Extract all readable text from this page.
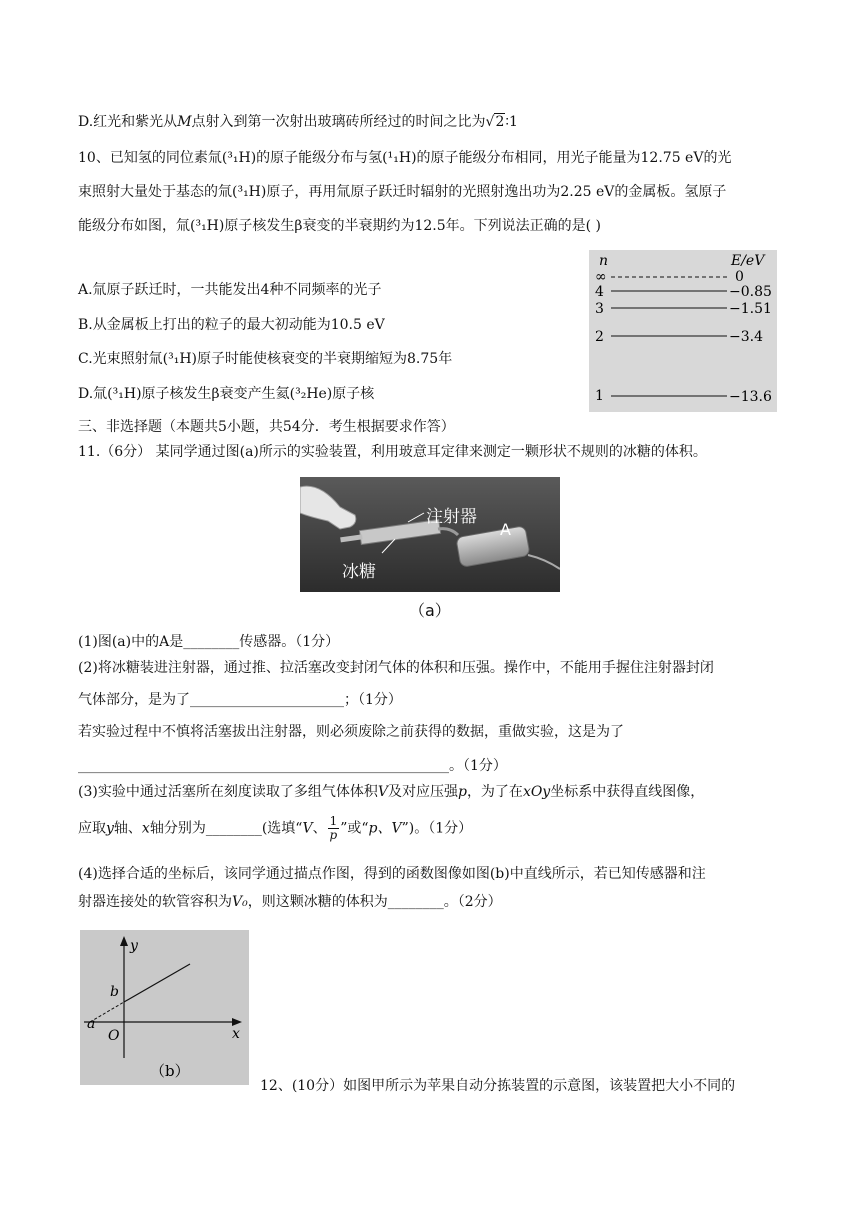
D.红光和紫光从M点射入到第一次射出玻璃砖所经过的时间之比为√2∶1
10、已知氢的同位素氚(³₁H)的原子能级分布与氢(¹₁H)的原子能级分布相同，用光子能量为12.75 eV的光
束照射大量处于基态的氚(³₁H)原子，再用氚原子跃迁时辐射的光照射逸出功为2.25 eV的金属板。氢原子
能级分布如图，氚(³₁H)原子核发生β衰变的半衰期约为12.5年。下列说法正确的是( )
A.氚原子跃迁时，一共能发出4种不同频率的光子
B.从金属板上打出的粒子的最大初动能为10.5 eV
C.光束照射氚(³₁H)原子时能使核衰变的半衰期缩短为8.75年
D.氚(³₁H)原子核发生β衰变产生氦(³₂He)原子核
n	E/eV
∞	0
4	−0.85
3	−1.51
2	−3.4
1	−13.6
三、非选择题（本题共5小题，共54分．考生根据要求作答）
11.（6分） 某同学通过图(a)所示的实验装置，利用玻意耳定律来测定一颗形状不规则的冰糖的体积。
注射器
A
冰糖
（a）
(1)图(a)中的A是________传感器。（1分）
(2)将冰糖装进注射器，通过推、拉活塞改变封闭气体的体积和压强。操作中，不能用手握住注射器封闭
气体部分，是为了______________________；（1分）
若实验过程中不慎将活塞拔出注射器，则必须废除之前获得的数据，重做实验，这是为了
_____________________________________________________。（1分）
(3)实验中通过活塞所在刻度读取了多组气体体积V及对应压强p，为了在xOy坐标系中获得直线图像，
应取y轴、x轴分别为________(选填“V、 $\frac{1}{p}$ ”或“p、V”)。（1分）
(4)选择合适的坐标后，该同学通过描点作图，得到的函数图像如图(b)中直线所示，若已知传感器和注
射器连接处的软管容积为V₀，则这颗冰糖的体积为________。（2分）
y
x
b
a
O
（b）
12、(10分）如图甲所示为苹果自动分拣装置的示意图，该装置把大小不同的
